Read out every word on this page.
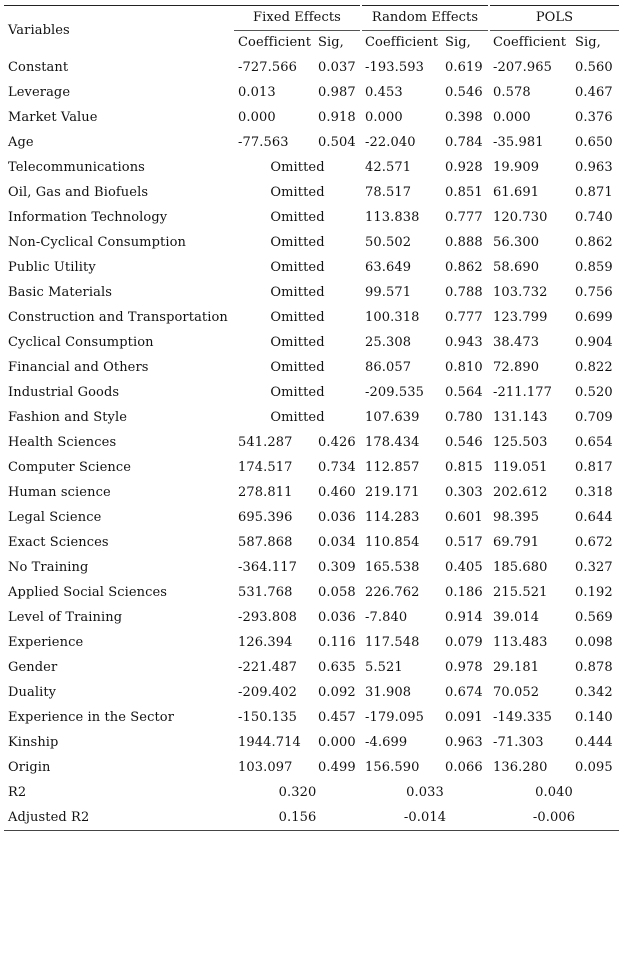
Variables	Fixed Effects		Random Effects		POLS	
	Coefficient	Sig,	Coefficient	Sig,	Coefficient	Sig,
Constant	-727.566	0.037	-193.593	0.619	-207.965	0.560
Leverage	0.013	0.987	0.453	0.546	0.578	0.467
Market Value	0.000	0.918	0.000	0.398	0.000	0.376
Age	-77.563	0.504	-22.040	0.784	-35.981	0.650
Telecommunications	Omitted		42.571	0.928	19.909	0.963
Oil, Gas and Biofuels	Omitted		78.517	0.851	61.691	0.871
Information Technology	Omitted		113.838	0.777	120.730	0.740
Non-Cyclical Consumption	Omitted		50.502	0.888	56.300	0.862
Public Utility	Omitted		63.649	0.862	58.690	0.859
Basic Materials	Omitted		99.571	0.788	103.732	0.756
Construction and Transportation	Omitted		100.318	0.777	123.799	0.699
Cyclical Consumption	Omitted		25.308	0.943	38.473	0.904
Financial and Others	Omitted		86.057	0.810	72.890	0.822
Industrial Goods	Omitted		-209.535	0.564	-211.177	0.520
Fashion and Style	Omitted		107.639	0.780	131.143	0.709
Health Sciences	541.287	0.426	178.434	0.546	125.503	0.654
Computer Science	174.517	0.734	112.857	0.815	119.051	0.817
Human science	278.811	0.460	219.171	0.303	202.612	0.318
Legal Science	695.396	0.036	114.283	0.601	98.395	0.644
Exact Sciences	587.868	0.034	110.854	0.517	69.791	0.672
No Training	-364.117	0.309	165.538	0.405	185.680	0.327
Applied Social Sciences	531.768	0.058	226.762	0.186	215.521	0.192
Level of Training	-293.808	0.036	-7.840	0.914	39.014	0.569
Experience	126.394	0.116	117.548	0.079	113.483	0.098
Gender	-221.487	0.635	5.521	0.978	29.181	0.878
Duality	-209.402	0.092	31.908	0.674	70.052	0.342
Experience in the Sector	-150.135	0.457	-179.095	0.091	-149.335	0.140
Kinship	1944.714	0.000	-4.699	0.963	-71.303	0.444
Origin	103.097	0.499	156.590	0.066	136.280	0.095
R2	0.320		0.033		0.040	
Adjusted R2	0.156		-0.014		-0.006	
